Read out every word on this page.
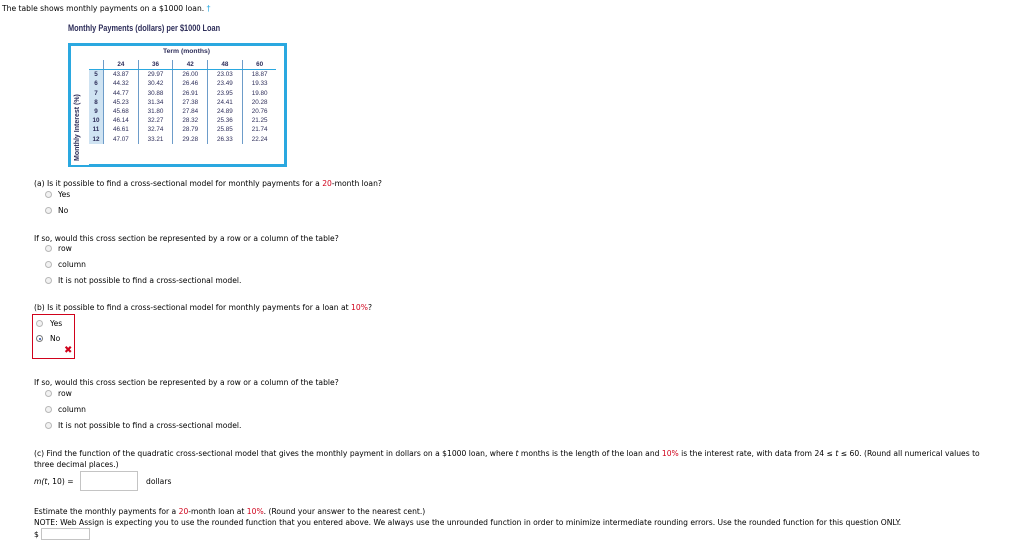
The table shows monthly payments on a $1000 loan. †
Monthly Payments (dollars) per $1000 Loan
Term (months)
Monthly Interest (%)
	24	36	42	48	60
5	43.87	29.97	26.00	23.03	18.87
6	44.32	30.42	26.46	23.49	19.33
7	44.77	30.88	26.91	23.95	19.80
8	45.23	31.34	27.38	24.41	20.28
9	45.68	31.80	27.84	24.89	20.76
10	46.14	32.27	28.32	25.36	21.25
11	46.61	32.74	28.79	25.85	21.74
12	47.07	33.21	29.28	26.33	22.24
(a) Is it possible to find a cross-sectional model for monthly payments for a 20-month loan?
Yes
No
If so, would this cross section be represented by a row or a column of the table?
row
column
It is not possible to find a cross-sectional model.
(b) Is it possible to find a cross-sectional model for monthly payments for a loan at 10%?
Yes
No
✖
If so, would this cross section be represented by a row or a column of the table?
row
column
It is not possible to find a cross-sectional model.
(c) Find the function of the quadratic cross-sectional model that gives the monthly payment in dollars on a $1000 loan, where t months is the length of the loan and 10% is the interest rate, with data from 24 ≤ t ≤ 60. (Round all numerical values to
three decimal places.)
m(t, 10) =	dollars
Estimate the monthly payments for a 20-month loan at 10%. (Round your answer to the nearest cent.)
NOTE: Web Assign is expecting you to use the rounded function that you entered above. We always use the unrounded function in order to minimize intermediate rounding errors. Use the rounded function for this question ONLY.
$
